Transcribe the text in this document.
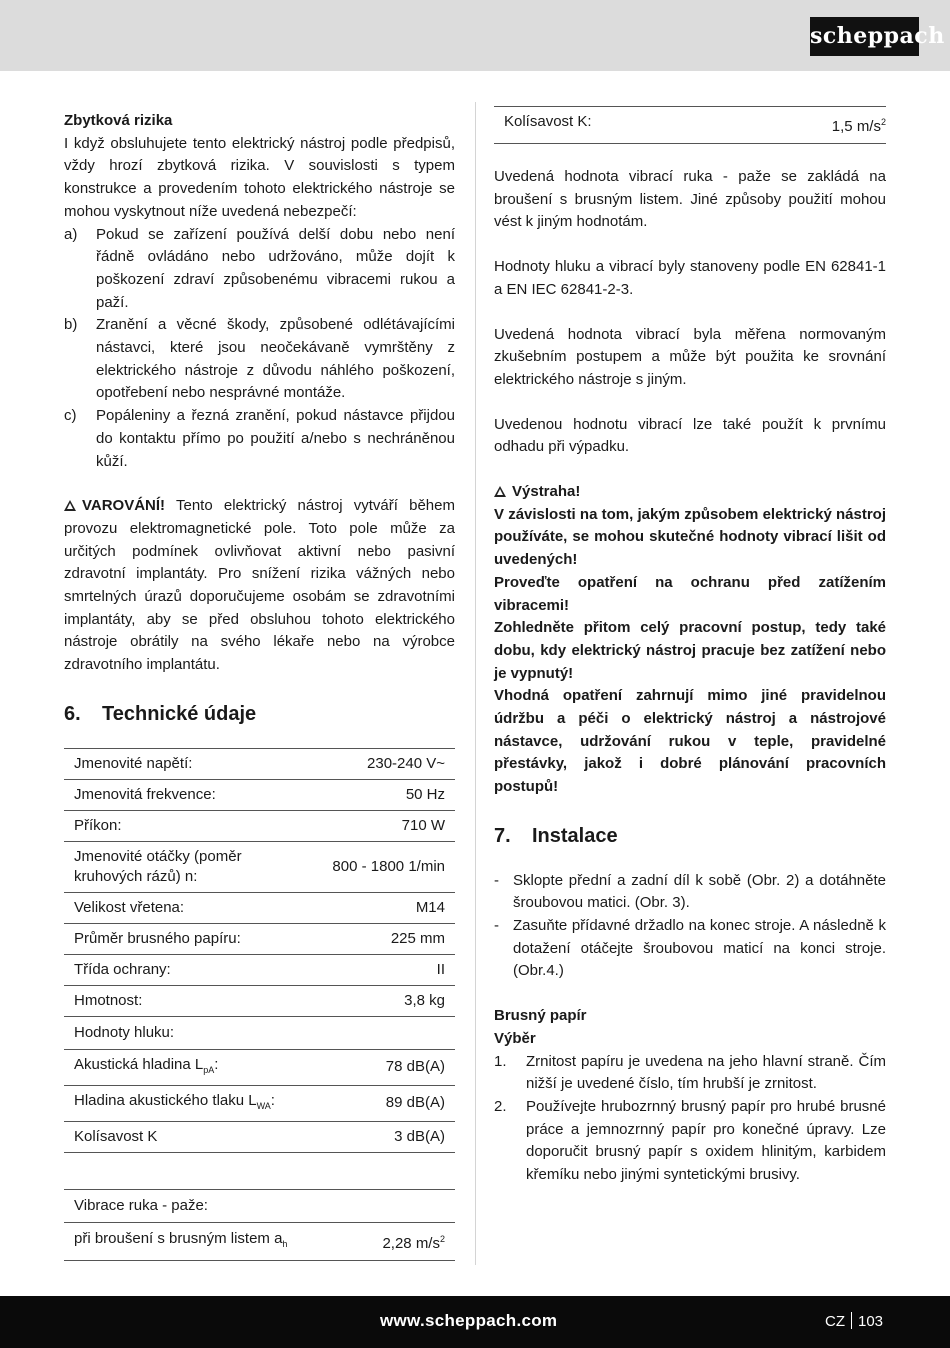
scheppach
Zbytková rizika
I když obsluhujete tento elektrický nástroj podle předpisů, vždy hrozí zbytková rizika. V souvislosti s typem konstrukce a provedením tohoto elektrického nástroje se mohou vyskytnout níže uvedená nebezpečí:
a) Pokud se zařízení používá delší dobu nebo není řádně ovládáno nebo udržováno, může dojít k poškození zdraví způsobenému vibracemi rukou a paží.
b) Zranění a věcné škody, způsobené odlétávajícími nástavci, které jsou neočekávaně vymrštěny z elektrického nástroje z důvodu náhlého poškození, opotřebení nebo nesprávné montáže.
c) Popáleniny a řezná zranění, pokud nástavce přijdou do kontaktu přímo po použití a/nebo s nechráněnou kůží.
VAROVÁNÍ! Tento elektrický nástroj vytváří během provozu elektromagnetické pole. Toto pole může za určitých podmínek ovlivňovat aktivní nebo pasivní zdravotní implantáty. Pro snížení rizika vážných nebo smrtelných úrazů doporučujeme osobám se zdravotními implantáty, aby se před obsluhou tohoto elektrického nástroje obrátily na svého lékaře nebo na výrobce zdravotního implantátu.
6.	Technické údaje
Jmenovité napětí:	230-240 V~
Jmenovitá frekvence:	50 Hz
Příkon:	710 W
Jmenovité otáčky (poměr kruhových rázů) n:	800 - 1800 1/min
Velikost vřetena:	M14
Průměr brusného papíru:	225 mm
Třída ochrany:	II
Hmotnost:	3,8 kg
Hodnoty hluku:	
Akustická hladina $L_{pA}$:	78 dB(A)
Hladina akustického tlaku $L_{WA}$:	89 dB(A)
Kolísavost K	3 dB(A)

Vibrace ruka - paže:	
při broušení s brusným listem $a_h$	2,28 $m/s^2$
Kolísavost K:	1,5 $m/s^2$
Uvedená hodnota vibrací ruka - paže se zakládá na broušení s brusným listem. Jiné způsoby použití mohou vést k jiným hodnotám.
Hodnoty hluku a vibrací byly stanoveny podle EN 62841-1 a EN IEC 62841-2-3.
Uvedená hodnota vibrací byla měřena normovaným zkušebním postupem a může být použita ke srovnání elektrického nástroje s jiným.
Uvedenou hodnotu vibrací lze také použít k prvnímu odhadu při výpadku.
Výstraha!
V závislosti na tom, jakým způsobem elektrický nástroj používáte, se mohou skutečné hodnoty vibrací lišit od uvedených!
Proveďte opatření na ochranu před zatížením vibracemi!
Zohledněte přitom celý pracovní postup, tedy také dobu, kdy elektrický nástroj pracuje bez zatížení nebo je vypnutý!
Vhodná opatření zahrnují mimo jiné pravidelnou údržbu a péči o elektrický nástroj a nástrojové nástavce, udržování rukou v teple, pravidelné přestávky, jakož i dobré plánování pracovních postupů!
7.	Instalace
- Sklopte přední a zadní díl k sobě (Obr. 2) a dotáhněte šroubovou matici. (Obr. 3).
- Zasuňte přídavné držadlo na konec stroje. A následně k dotažení otáčejte šroubovou maticí na konci stroje. (Obr.4.)
Brusný papír
Výběr
1. Zrnitost papíru je uvedena na jeho hlavní straně. Čím nižší je uvedené číslo, tím hrubší je zrnitost.
2. Používejte hrubozrnný brusný papír pro hrubé brusné práce a jemnozrnný papír pro konečné úpravy. Lze doporučit brusný papír s oxidem hlinitým, karbidem křemíku nebo jinými syntetickými brusivy.
www.scheppach.com	CZ 103
